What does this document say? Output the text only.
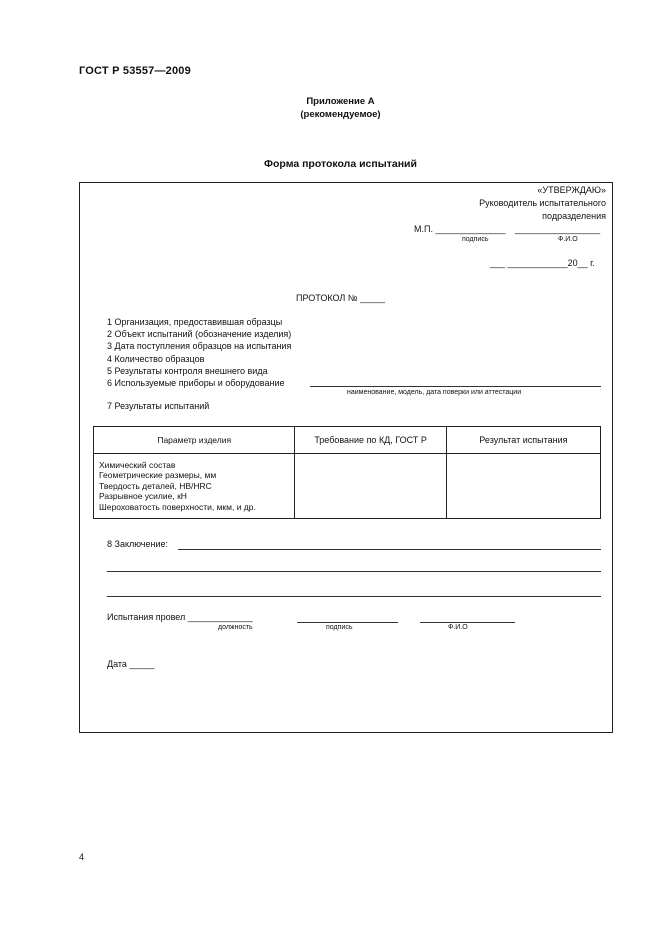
ГОСТ Р 53557—2009
Приложение А
(рекомендуемое)
Форма протокола испытаний
«УТВЕРЖДАЮ»
Руководитель испытательного
подразделения
М.П. ______________ _________________
подпись	Ф.И.О
___ ____________20__ г.
ПРОТОКОЛ № _____
1 Организация, предоставившая образцы
2 Объект испытаний (обозначение изделия)
3 Дата поступления образцов на испытания
4 Количество образцов
5 Результаты контроля внешнего вида
6 Используемые приборы и оборудование
наименование, модель, дата поверки или аттестации
7 Результаты испытаний
Параметр изделия	Требование по КД, ГОСТ Р	Результат испытания

Химический состав
Геометрические размеры, мм
Твердость деталей, HB/HRC
Разрывное усилие, кН
Шероховатость поверхности, мкм, и др.		

8 Заключение:
Испытания провел _____________
должность	подпись	Ф.И.О
Дата _____
4
